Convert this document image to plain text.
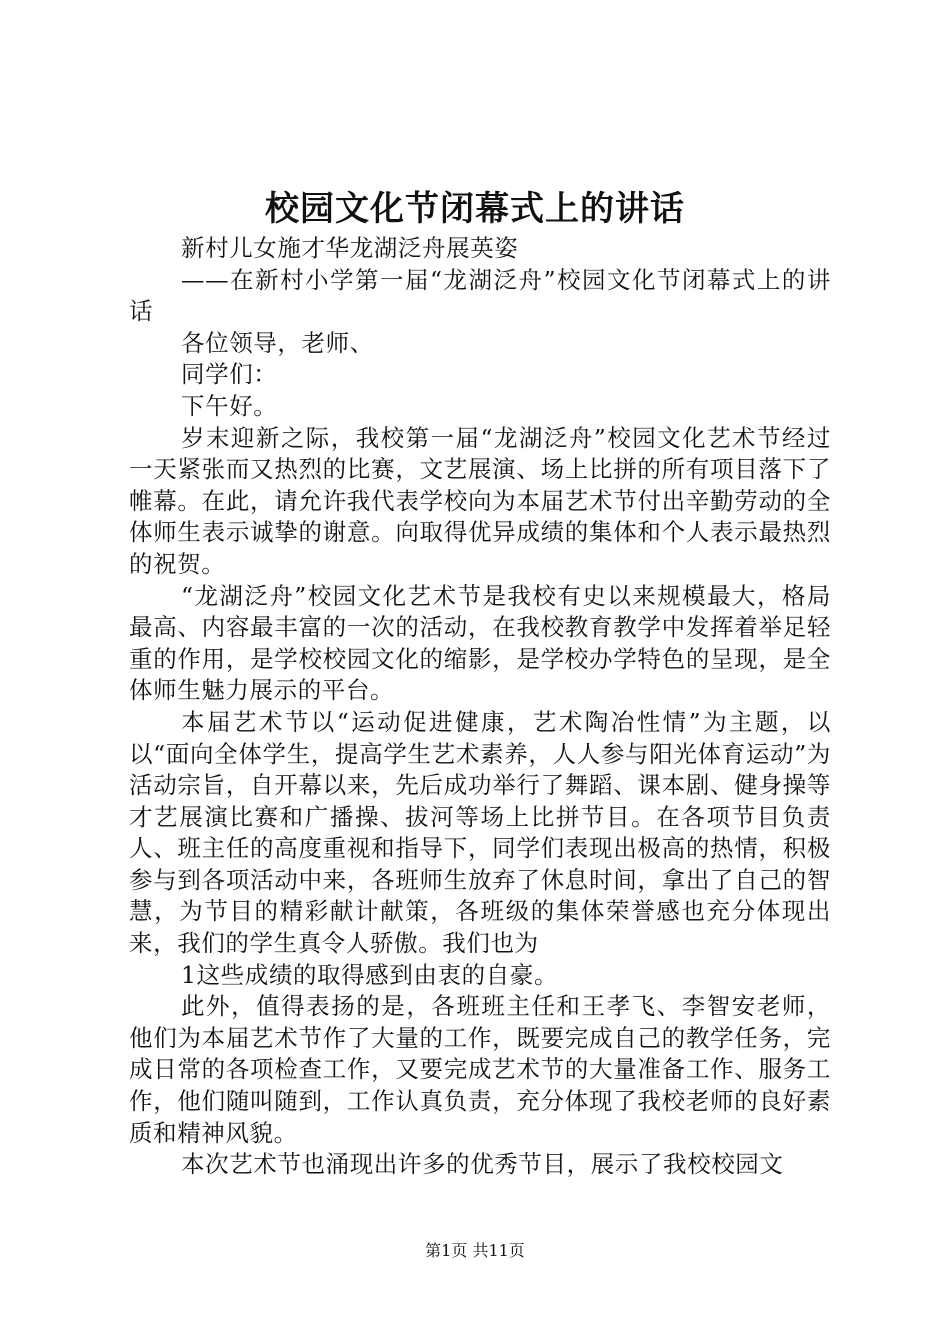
校园文化节闭幕式上的讲话

新村儿女施才华龙湖泛舟展英姿

——在新村小学第一届“龙湖泛舟”校园文化节闭幕式上的讲话

各位领导，老师、

同学们：

下午好。

岁末迎新之际，我校第一届“龙湖泛舟”校园文化艺术节经过一天紧张而又热烈的比赛，文艺展演、场上比拼的所有项目落下了帷幕。在此，请允许我代表学校向为本届艺术节付出辛勤劳动的全体师生表示诚挚的谢意。向取得优异成绩的集体和个人表示最热烈的祝贺。

“龙湖泛舟”校园文化艺术节是我校有史以来规模最大，格局最高、内容最丰富的一次的活动，在我校教育教学中发挥着举足轻重的作用，是学校校园文化的缩影，是学校办学特色的呈现，是全体师生魅力展示的平台。

本届艺术节以“运动促进健康，艺术陶冶性情”为主题，以以“面向全体学生，提高学生艺术素养，人人参与阳光体育运动”为活动宗旨，自开幕以来，先后成功举行了舞蹈、课本剧、健身操等才艺展演比赛和广播操、拔河等场上比拼节目。在各项节目负责人、班主任的高度重视和指导下，同学们表现出极高的热情，积极参与到各项活动中来，各班师生放弃了休息时间，拿出了自己的智慧，为节目的精彩献计献策，各班级的集体荣誉感也充分体现出来，我们的学生真令人骄傲。我们也为

1这些成绩的取得感到由衷的自豪。

此外，值得表扬的是，各班班主任和王孝飞、李智安老师，他们为本届艺术节作了大量的工作，既要完成自己的教学任务，完成日常的各项检查工作，又要完成艺术节的大量准备工作、服务工作，他们随叫随到，工作认真负责，充分体现了我校老师的良好素质和精神风貌。

本次艺术节也涌现出许多的优秀节目，展示了我校校园文

第1页 共11页
